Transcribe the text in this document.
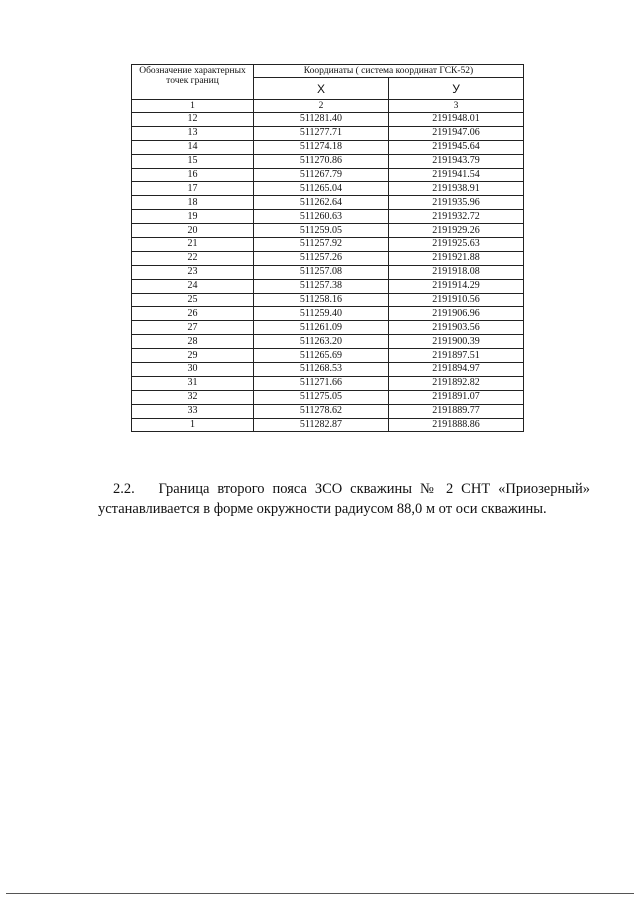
Обозначение характерных точек границ	Координаты ( система координат ГСК-52)	
	X	У
1	2	3
12	511281.40	2191948.01
13	511277.71	2191947.06
14	511274.18	2191945.64
15	511270.86	2191943.79
16	511267.79	2191941.54
17	511265.04	2191938.91
18	511262.64	2191935.96
19	511260.63	2191932.72
20	511259.05	2191929.26
21	511257.92	2191925.63
22	511257.26	2191921.88
23	511257.08	2191918.08
24	511257.38	2191914.29
25	511258.16	2191910.56
26	511259.40	2191906.96
27	511261.09	2191903.56
28	511263.20	2191900.39
29	511265.69	2191897.51
30	511268.53	2191894.97
31	511271.66	2191892.82
32	511275.05	2191891.07
33	511278.62	2191889.77
1	511282.87	2191888.86

2.2. Граница второго пояса ЗСО скважины № 2 СНТ «Приозерный» устанавливается в форме окружности радиусом 88,0 м от оси скважины.
